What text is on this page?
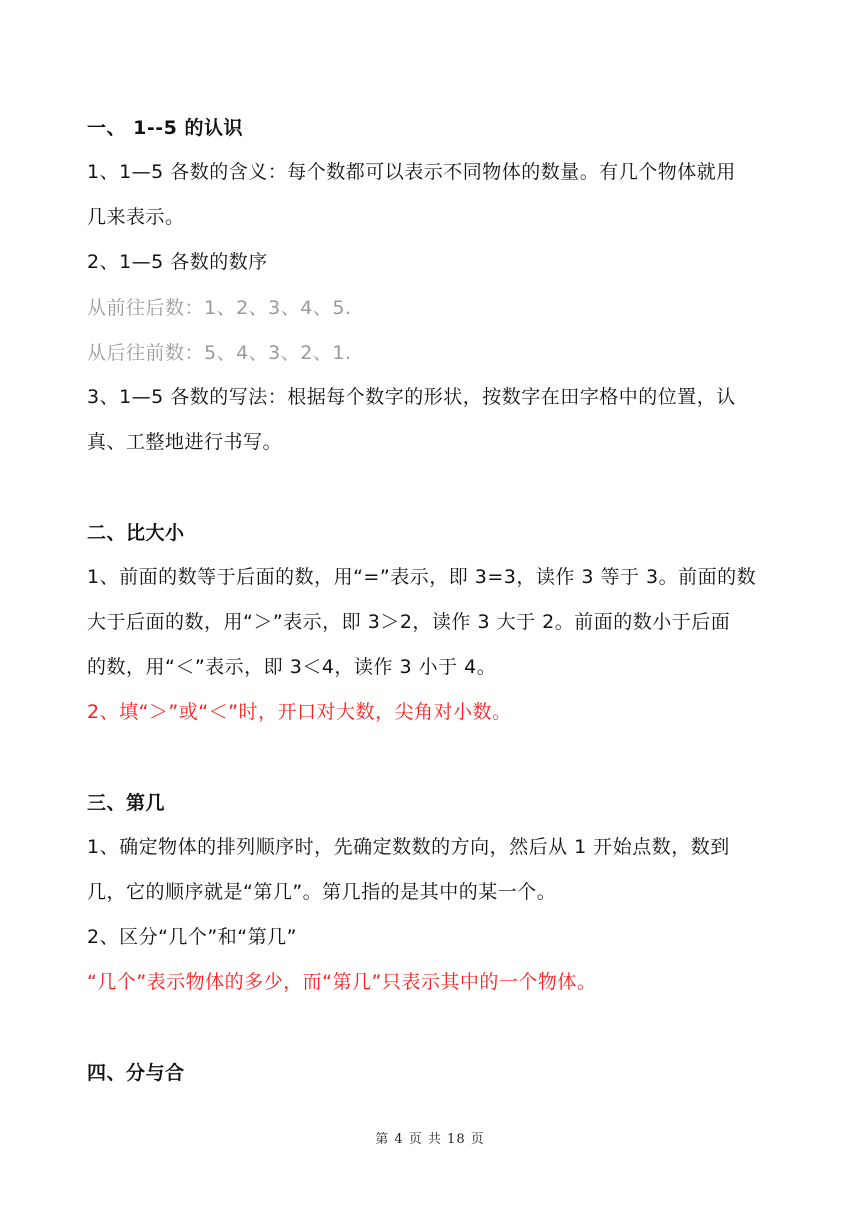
一、 1--5 的认识
1、1—5 各数的含义：每个数都可以表示不同物体的数量。有几个物体就用
几来表示。
2、1—5 各数的数序
从前往后数：1、2、3、4、5.
从后往前数：5、4、3、2、1.
3、1—5 各数的写法：根据每个数字的形状，按数字在田字格中的位置，认
真、工整地进行书写。
二、比大小
1、前面的数等于后面的数，用“=”表示，即 3=3，读作 3 等于 3。前面的数
大于后面的数，用“＞”表示，即 3＞2，读作 3 大于 2。前面的数小于后面
的数，用“＜”表示，即 3＜4，读作 3 小于 4。
2、填“＞”或“＜”时，开口对大数，尖角对小数。
三、第几
1、确定物体的排列顺序时，先确定数数的方向，然后从 1 开始点数，数到
几，它的顺序就是“第几”。第几指的是其中的某一个。
2、区分“几个”和“第几”
“几个”表示物体的多少，而“第几”只表示其中的一个物体。
四、分与合
第 4 页 共 18 页
